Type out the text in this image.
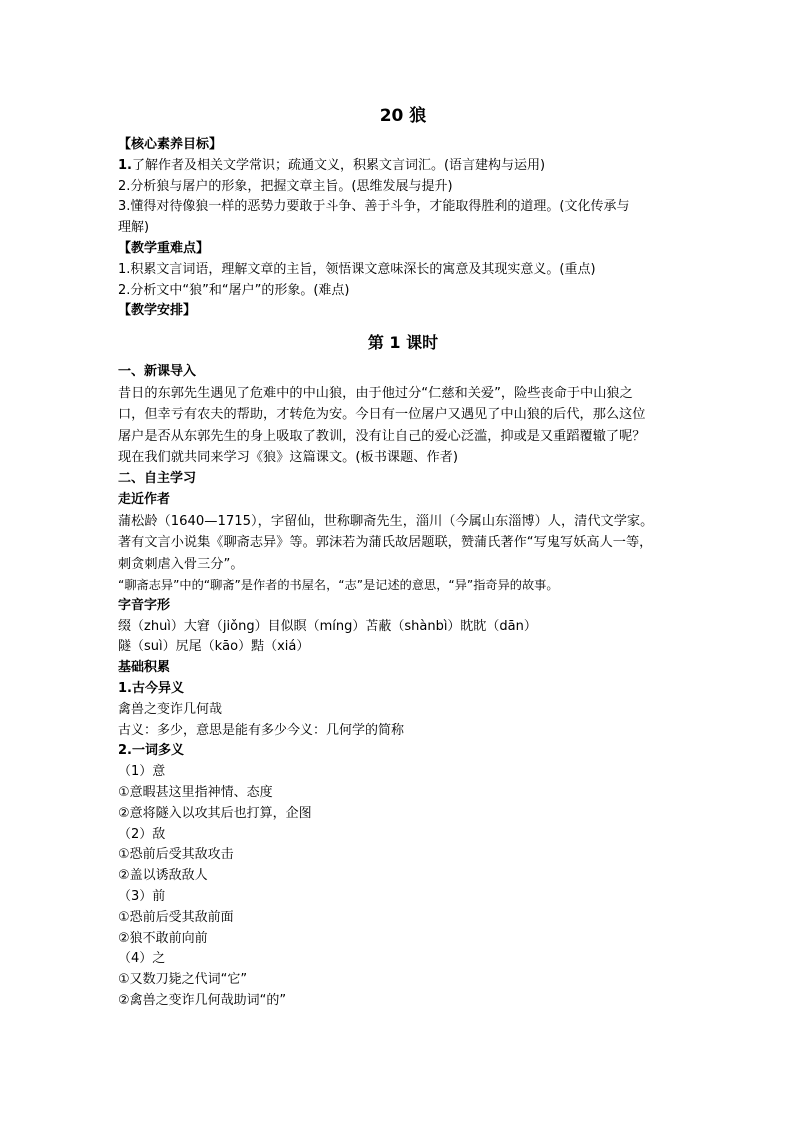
20 狼
【核心素养目标】
1.了解作者及相关文学常识；疏通文义，积累文言词汇。(语言建构与运用)
2.分析狼与屠户的形象，把握文章主旨。(思维发展与提升)
3.懂得对待像狼一样的恶势力要敢于斗争、善于斗争，才能取得胜利的道理。(文化传承与
理解)
【教学重难点】
1.积累文言词语，理解文章的主旨，领悟课文意味深长的寓意及其现实意义。(重点)
2.分析文中“狼”和“屠户”的形象。(难点)
【教学安排】
第 1 课时
一、新课导入
昔日的东郭先生遇见了危难中的中山狼，由于他过分“仁慈和关爱”，险些丧命于中山狼之
口，但幸亏有农夫的帮助，才转危为安。今日有一位屠户又遇见了中山狼的后代，那么这位
屠户是否从东郭先生的身上吸取了教训，没有让自己的爱心泛滥，抑或是又重蹈覆辙了呢？
现在我们就共同来学习《狼》这篇课文。(板书课题、作者)
二、自主学习
走近作者
蒲松龄（1640—1715），字留仙，世称聊斋先生，淄川（今属山东淄博）人，清代文学家。
著有文言小说集《聊斋志异》等。郭沫若为蒲氏故居题联，赞蒲氏著作“写鬼写妖高人一等，
刺贪刺虐入骨三分”。
“聊斋志异”中的“聊斋”是作者的书屋名，“志”是记述的意思，“异”指奇异的故事。
字音字形
缀（zhuì）大窘（jiǒng）目似瞑（míng）苫蔽（shànbì）眈眈（dān）
隧（suì）尻尾（kāo）黠（xiá）
基础积累
1.古今异义
禽兽之变诈几何哉
古义：多少，意思是能有多少今义：几何学的简称
2.一词多义
（1）意
①意暇甚这里指神情、态度
②意将隧入以攻其后也打算，企图
（2）敌
①恐前后受其敌攻击
②盖以诱敌敌人
（3）前
①恐前后受其敌前面
②狼不敢前向前
（4）之
①又数刀毙之代词“它”
②禽兽之变诈几何哉助词“的”
